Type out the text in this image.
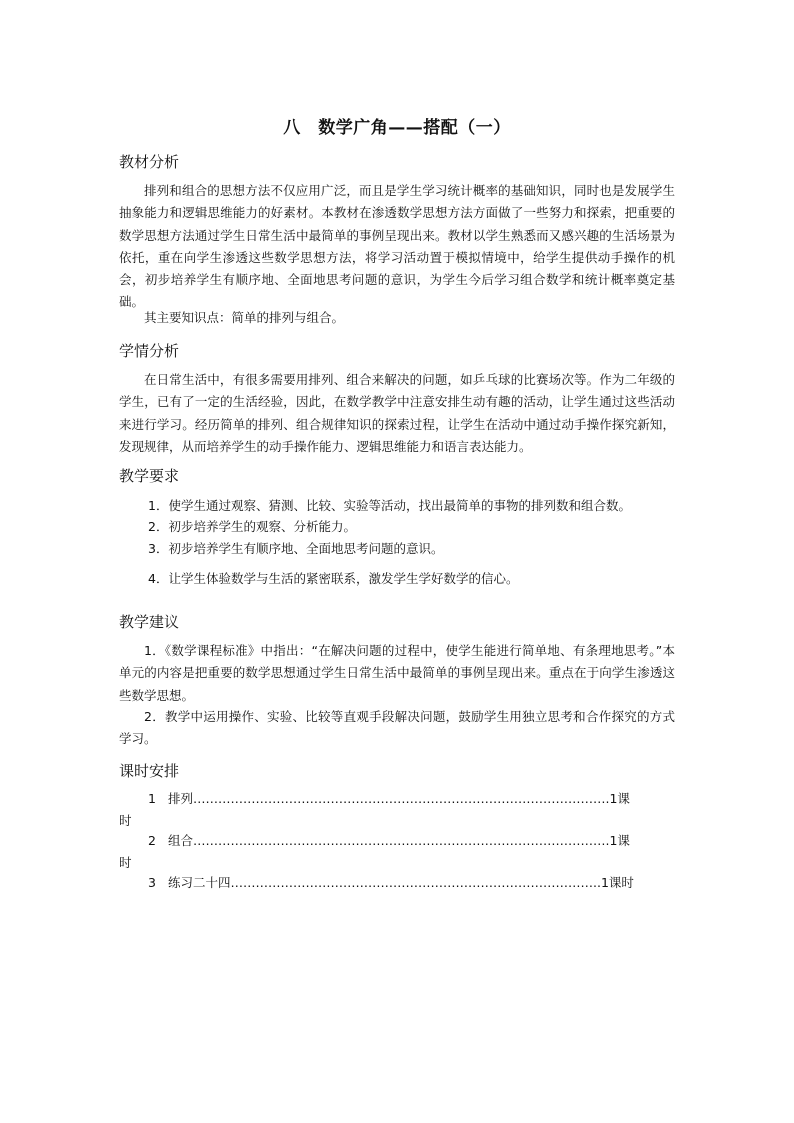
八　数学广角——搭配（一）
教材分析

排列和组合的思想方法不仅应用广泛，而且是学生学习统计概率的基础知识，同时也是发展学生抽象能力和逻辑思维能力的好素材。本教材在渗透数学思想方法方面做了一些努力和探索，把重要的数学思想方法通过学生日常生活中最简单的事例呈现出来。教材以学生熟悉而又感兴趣的生活场景为依托，重在向学生渗透这些数学思想方法，将学习活动置于模拟情境中，给学生提供动手操作的机会，初步培养学生有顺序地、全面地思考问题的意识，为学生今后学习组合数学和统计概率奠定基础。

其主要知识点：简单的排列与组合。

学情分析

在日常生活中，有很多需要用排列、组合来解决的问题，如乒乓球的比赛场次等。作为二年级的学生，已有了一定的生活经验，因此，在数学教学中注意安排生动有趣的活动，让学生通过这些活动来进行学习。经历简单的排列、组合规律知识的探索过程，让学生在活动中通过动手操作探究新知，发现规律，从而培养学生的动手操作能力、逻辑思维能力和语言表达能力。

教学要求

1．使学生通过观察、猜测、比较、实验等活动，找出最简单的事物的排列数和组合数。

2．初步培养学生的观察、分析能力。

3．初步培养学生有顺序地、全面地思考问题的意识。

4．让学生体验数学与生活的紧密联系，激发学生学好数学的信心。

教学建议

1．《数学课程标准》中指出：“在解决问题的过程中，使学生能进行简单地、有条理地思考。”本单元的内容是把重要的数学思想通过学生日常生活中最简单的事例呈现出来。重点在于向学生渗透这些数学思想。

2．教学中运用操作、实验、比较等直观手段解决问题，鼓励学生用独立思考和合作探究的方式学习。

课时安排
1 排列……………………………………………………………………………………….1课
时
2 组合……………………………………………………………………………………….1课
时
3 练习二十四……………………………………………………………………………..1课时
